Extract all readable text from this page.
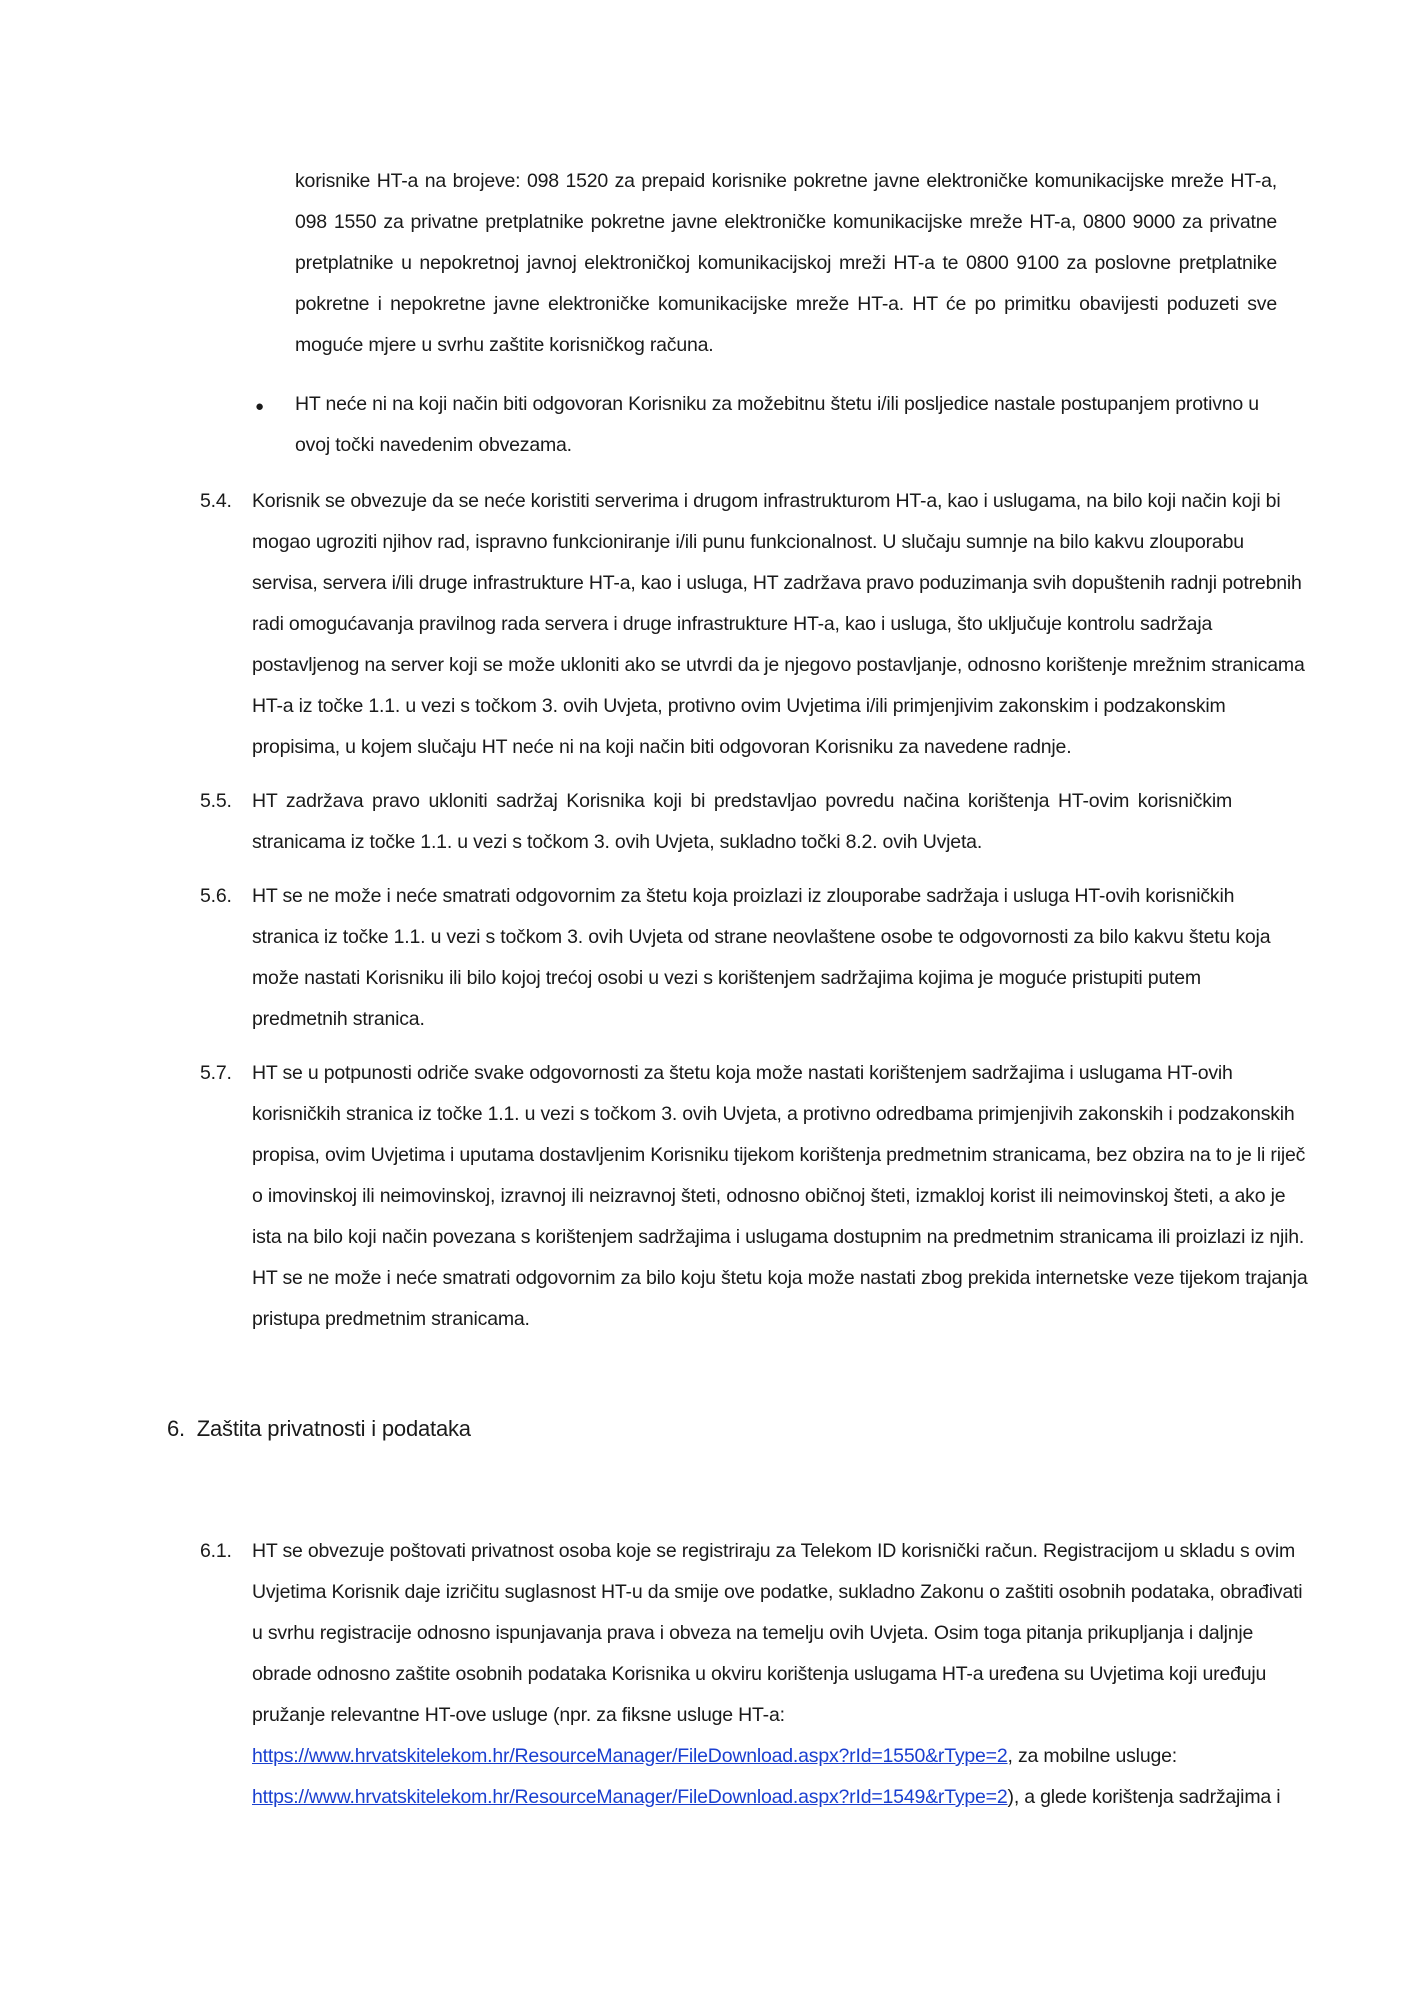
korisnike HT-a na brojeve: 098 1520 za prepaid korisnike pokretne javne elektroničke komunikacijske mreže HT-a, 098 1550 za privatne pretplatnike pokretne javne elektroničke komunikacijske mreže HT-a, 0800 9000 za privatne pretplatnike u nepokretnoj javnoj elektroničkoj komunikacijskoj mreži HT-a te 0800 9100 za poslovne pretplatnike pokretne i nepokretne javne elektroničke komunikacijske mreže HT-a. HT će po primitku obavijesti poduzeti sve moguće mjere u svrhu zaštite korisničkog računa.

● HT neće ni na koji način biti odgovoran Korisniku za možebitnu štetu i/ili posljedice nastale postupanjem protivno u ovoj točki navedenim obvezama.

5.4. Korisnik se obvezuje da se neće koristiti serverima i drugom infrastrukturom HT-a, kao i uslugama, na bilo koji način koji bi mogao ugroziti njihov rad, ispravno funkcioniranje i/ili punu funkcionalnost. U slučaju sumnje na bilo kakvu zlouporabu servisa, servera i/ili druge infrastrukture HT-a, kao i usluga, HT zadržava pravo poduzimanja svih dopuštenih radnji potrebnih radi omogućavanja pravilnog rada servera i druge infrastrukture HT-a, kao i usluga, što uključuje kontrolu sadržaja postavljenog na server koji se može ukloniti ako se utvrdi da je njegovo postavljanje, odnosno korištenje mrežnim stranicama HT-a iz točke 1.1. u vezi s točkom 3. ovih Uvjeta, protivno ovim Uvjetima i/ili primjenjivim zakonskim i podzakonskim propisima, u kojem slučaju HT neće ni na koji način biti odgovoran Korisniku za navedene radnje.

5.5. HT zadržava pravo ukloniti sadržaj Korisnika koji bi predstavljao povredu načina korištenja HT-ovim korisničkim stranicama iz točke 1.1. u vezi s točkom 3. ovih Uvjeta, sukladno točki 8.2. ovih Uvjeta.

5.6. HT se ne može i neće smatrati odgovornim za štetu koja proizlazi iz zlouporabe sadržaja i usluga HT-ovih korisničkih stranica iz točke 1.1. u vezi s točkom 3. ovih Uvjeta od strane neovlaštene osobe te odgovornosti za bilo kakvu štetu koja može nastati Korisniku ili bilo kojoj trećoj osobi u vezi s korištenjem sadržajima kojima je moguće pristupiti putem predmetnih stranica.

5.7. HT se u potpunosti odriče svake odgovornosti za štetu koja može nastati korištenjem sadržajima i uslugama HT-ovih korisničkih stranica iz točke 1.1. u vezi s točkom 3. ovih Uvjeta, a protivno odredbama primjenjivih zakonskih i podzakonskih propisa, ovim Uvjetima i uputama dostavljenim Korisniku tijekom korištenja predmetnim stranicama, bez obzira na to je li riječ o imovinskoj ili neimovinskoj, izravnoj ili neizravnoj šteti, odnosno običnoj šteti, izmakloj korist ili neimovinskoj šteti, a ako je ista na bilo koji način povezana s korištenjem sadržajima i uslugama dostupnim na predmetnim stranicama ili proizlazi iz njih. HT se ne može i neće smatrati odgovornim za bilo koju štetu koja može nastati zbog prekida internetske veze tijekom trajanja pristupa predmetnim stranicama.

6.  Zaštita privatnosti i podataka
6.1. HT se obvezuje poštovati privatnost osoba koje se registriraju za Telekom ID korisnički račun. Registracijom u skladu s ovim Uvjetima Korisnik daje izričitu suglasnost HT-u da smije ove podatke, sukladno Zakonu o zaštiti osobnih podataka, obrađivati u svrhu registracije odnosno ispunjavanja prava i obveza na temelju ovih Uvjeta. Osim toga pitanja prikupljanja i daljnje obrade odnosno zaštite osobnih podataka Korisnika u okviru korištenja uslugama HT-a uređena su Uvjetima koji uređuju pružanje relevantne HT-ove usluge (npr. za fiksne usluge HT-a:
https://www.hrvatskitelekom.hr/ResourceManager/FileDownload.aspx?rId=1550&rType=2, za mobilne usluge:
https://www.hrvatskitelekom.hr/ResourceManager/FileDownload.aspx?rId=1549&rType=2), a glede korištenja sadržajima i
